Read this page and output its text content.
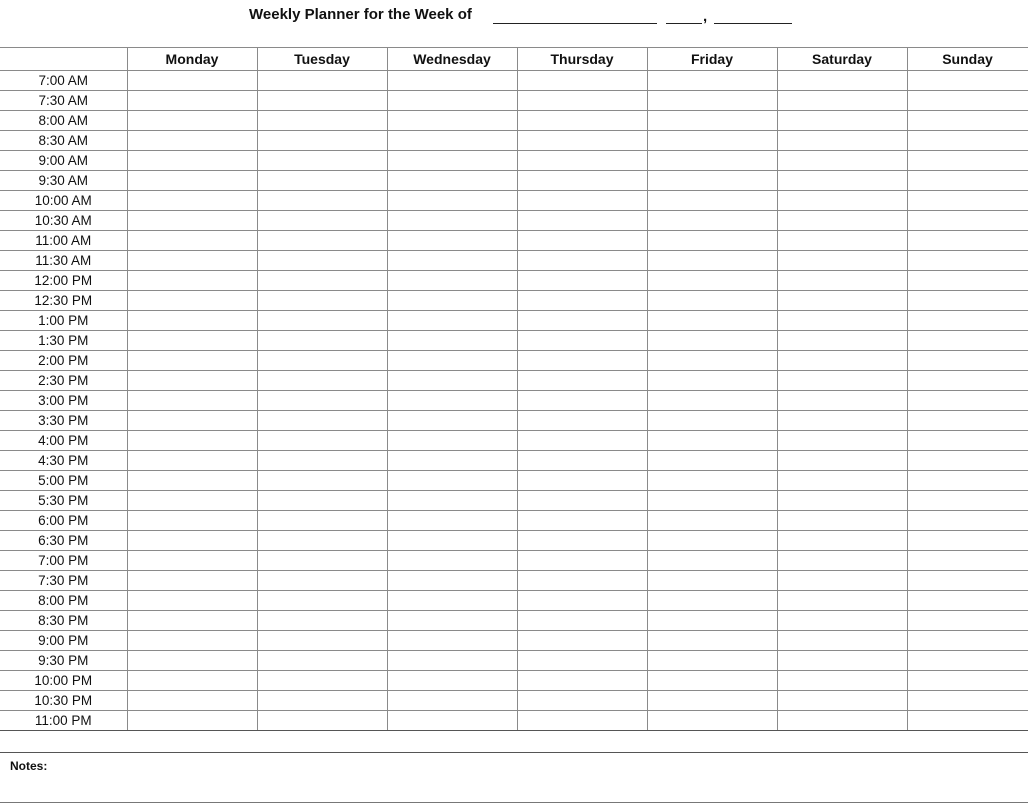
Weekly Planner for the Week of	,
	Monday	Tuesday	Wednesday	Thursday	Friday	Saturday	Sunday
7:00 AM							
7:30 AM							
8:00 AM							
8:30 AM							
9:00 AM							
9:30 AM							
10:00 AM							
10:30 AM							
11:00 AM							
11:30 AM							
12:00 PM							
12:30 PM							
1:00 PM							
1:30 PM							
2:00 PM							
2:30 PM							
3:00 PM							
3:30 PM							
4:00 PM							
4:30 PM							
5:00 PM							
5:30 PM							
6:00 PM							
6:30 PM							
7:00 PM							
7:30 PM							
8:00 PM							
8:30 PM							
9:00 PM							
9:30 PM							
10:00 PM							
10:30 PM							
11:00 PM							
Notes:
